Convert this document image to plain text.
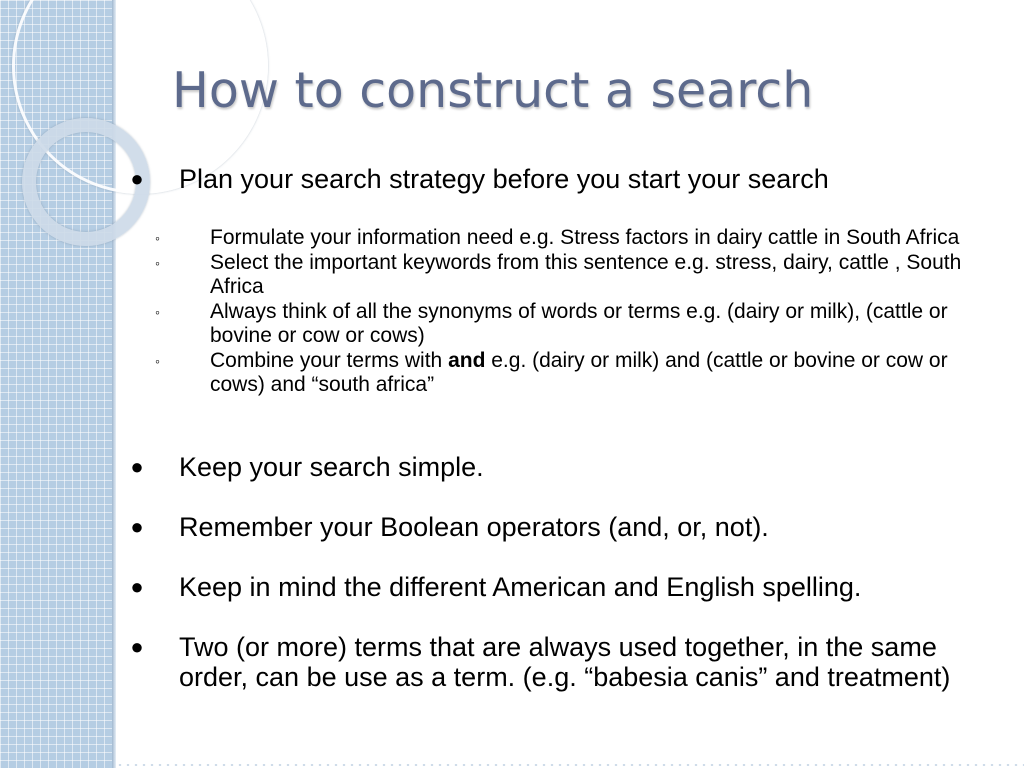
How to construct a search
● Plan your search strategy before you start your search
◦ Formulate your information need e.g. Stress factors in dairy cattle in South Africa
◦ Select the important keywords from this sentence e.g. stress, dairy, cattle , South Africa
◦ Always think of all the synonyms of words or terms e.g. (dairy or milk), (cattle or bovine or cow or cows)
◦ Combine your terms with and e.g. (dairy or milk) and (cattle or bovine or cow or cows) and “south africa”
● Keep your search simple.
● Remember your Boolean operators (and, or, not).
● Keep in mind the different American and English spelling.
● Two (or more) terms that are always used together, in the same order, can be use as a term. (e.g. “babesia canis” and treatment)
